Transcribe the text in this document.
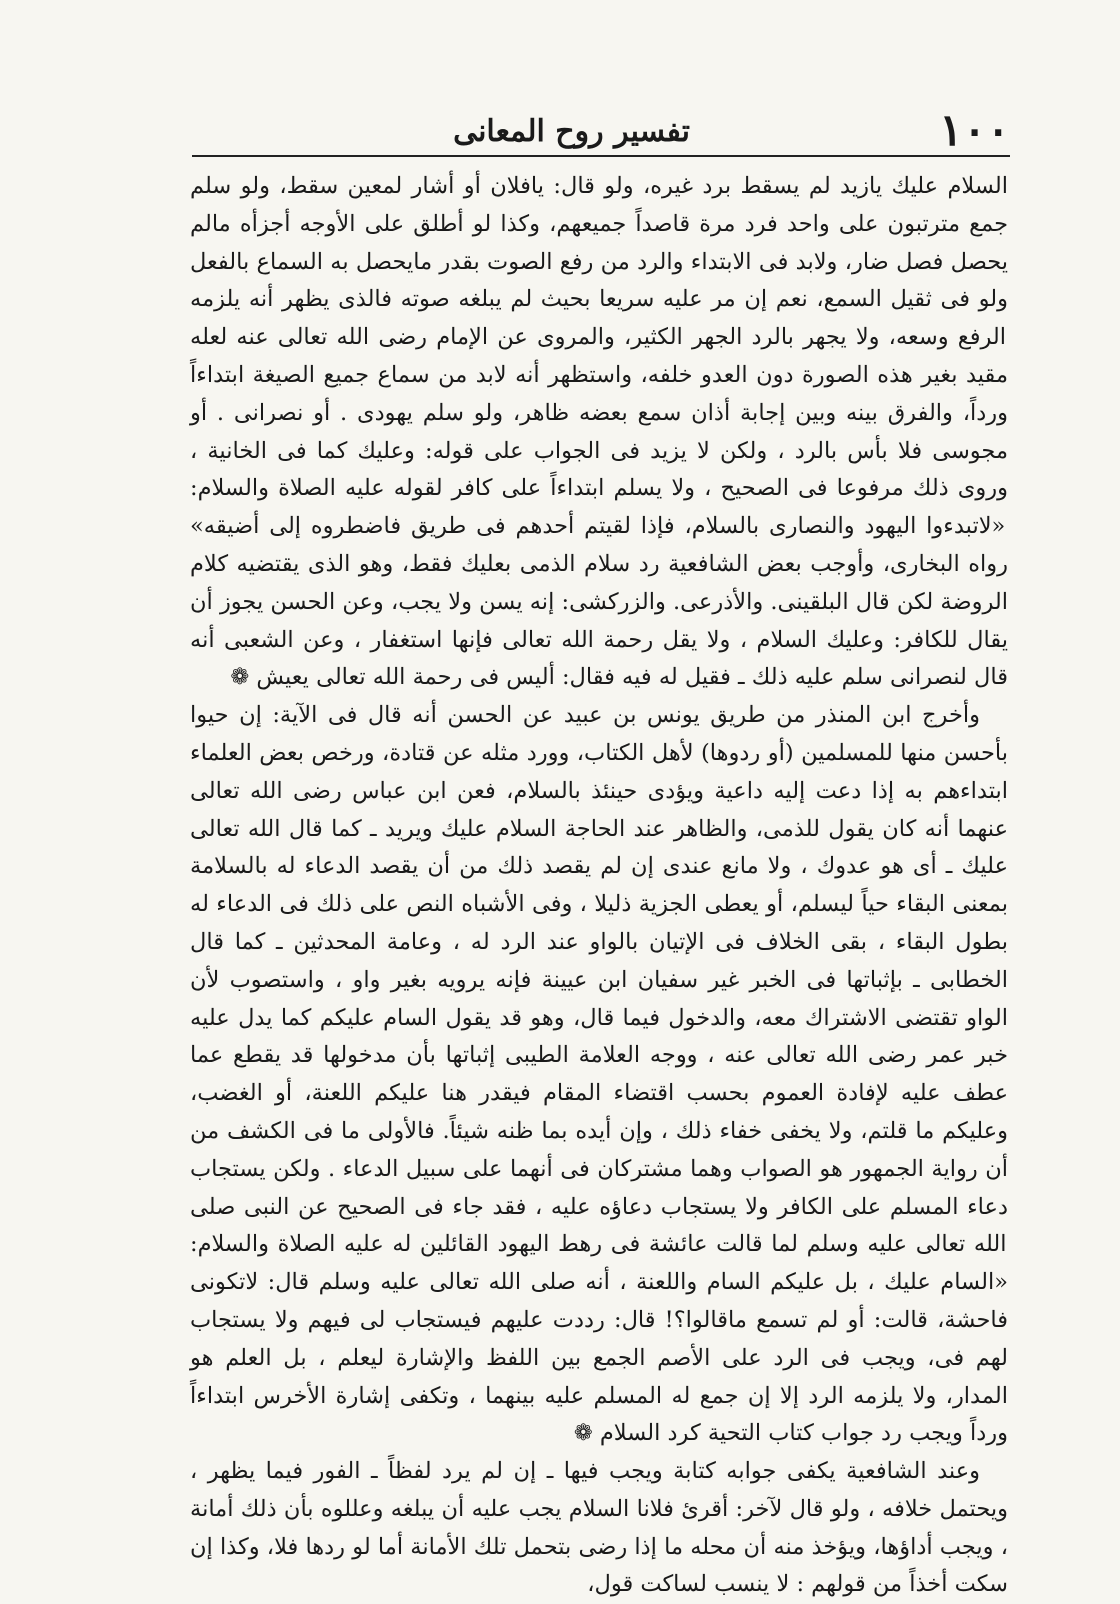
١٠٠
تفسير روح المعانى

السلام عليك يازيد لم يسقط برد غيره، ولو قال: يافلان أو أشار لمعين سقط، ولو سلم جمع مترتبون على واحد فرد مرة قاصداً جميعهم، وكذا لو أطلق على الأوجه أجزأه مالم يحصل فصل ضار، ولابد فى الابتداء والرد من رفع الصوت بقدر مايحصل به السماع بالفعل ولو فى ثقيل السمع، نعم إن مر عليه سريعا بحيث لم يبلغه صوته فالذى يظهر أنه يلزمه الرفع وسعه، ولا يجهر بالرد الجهر الكثير، والمروى عن الإمام رضى الله تعالى عنه لعله مقيد بغير هذه الصورة دون العدو خلفه، واستظهر أنه لابد من سماع جميع الصيغة ابتداءاً ورداً، والفرق بينه وبين إجابة أذان سمع بعضه ظاهر، ولو سلم يهودى . أو نصرانى . أو مجوسى فلا بأس بالرد ، ولكن لا يزيد فى الجواب على قوله: وعليك كما فى الخانية ، وروى ذلك مرفوعا فى الصحيح ، ولا يسلم ابتداءاً على كافر لقوله عليه الصلاة والسلام: «لاتبدءوا اليهود والنصارى بالسلام، فإذا لقيتم أحدهم فى طريق فاضطروه إلى أضيقه» رواه البخارى، وأوجب بعض الشافعية رد سلام الذمى بعليك فقط، وهو الذى يقتضيه كلام الروضة لكن قال البلقينى. والأذرعى. والزركشى: إنه يسن ولا يجب، وعن الحسن يجوز أن يقال للكافر: وعليك السلام ، ولا يقل رحمة الله تعالى فإنها استغفار ، وعن الشعبى أنه قال لنصرانى سلم عليه ذلك ـ فقيل له فيه فقال: أليس فى رحمة الله تعالى يعيش ❁

وأخرج ابن المنذر من طريق يونس بن عبيد عن الحسن أنه قال فى الآية: إن حيوا بأحسن منها للمسلمين (أو ردوها) لأهل الكتاب، وورد مثله عن قتادة، ورخص بعض العلماء ابتداءهم به إذا دعت إليه داعية ويؤدى حينئذ بالسلام، فعن ابن عباس رضى الله تعالى عنهما أنه كان يقول للذمى، والظاهر عند الحاجة السلام عليك ويريد ـ كما قال الله تعالى عليك ـ أى هو عدوك ، ولا مانع عندى إن لم يقصد ذلك من أن يقصد الدعاء له بالسلامة بمعنى البقاء حياً ليسلم، أو يعطى الجزية ذليلا ، وفى الأشباه النص على ذلك فى الدعاء له بطول البقاء ، بقى الخلاف فى الإتيان بالواو عند الرد له ، وعامة المحدثين ـ كما قال الخطابى ـ بإثباتها فى الخبر غير سفيان ابن عيينة فإنه يرويه بغير واو ، واستصوب لأن الواو تقتضى الاشتراك معه، والدخول فيما قال، وهو قد يقول السام عليكم كما يدل عليه خبر عمر رضى الله تعالى عنه ، ووجه العلامة الطيبى إثباتها بأن مدخولها قد يقطع عما عطف عليه لإفادة العموم بحسب اقتضاء المقام فيقدر هنا عليكم اللعنة، أو الغضب، وعليكم ما قلتم، ولا يخفى خفاء ذلك ، وإن أيده بما ظنه شيئاً. فالأولى ما فى الكشف من أن رواية الجمهور هو الصواب وهما مشتركان فى أنهما على سبيل الدعاء . ولكن يستجاب دعاء المسلم على الكافر ولا يستجاب دعاؤه عليه ، فقد جاء فى الصحيح عن النبى صلى الله تعالى عليه وسلم لما قالت عائشة فى رهط اليهود القائلين له عليه الصلاة والسلام: «السام عليك ، بل عليكم السام واللعنة ، أنه صلى الله تعالى عليه وسلم قال: لاتكونى فاحشة، قالت: أو لم تسمع ماقالوا؟! قال: رددت عليهم فيستجاب لى فيهم ولا يستجاب لهم فى، ويجب فى الرد على الأصم الجمع بين اللفظ والإشارة ليعلم ، بل العلم هو المدار، ولا يلزمه الرد إلا إن جمع له المسلم عليه بينهما ، وتكفى إشارة الأخرس ابتداءاً ورداً ويجب رد جواب كتاب التحية كرد السلام ❁

وعند الشافعية يكفى جوابه كتابة ويجب فيها ـ إن لم يرد لفظاً ـ الفور فيما يظهر ، ويحتمل خلافه ، ولو قال لآخر: أقرئ فلانا السلام يجب عليه أن يبلغه وعللوه بأن ذلك أمانة ، ويجب أداؤها، ويؤخذ منه أن محله ما إذا رضى بتحمل تلك الأمانة أما لو ردها فلا، وكذا إن سكت أخذاً من قولهم : لا ينسب لساكت قول،
